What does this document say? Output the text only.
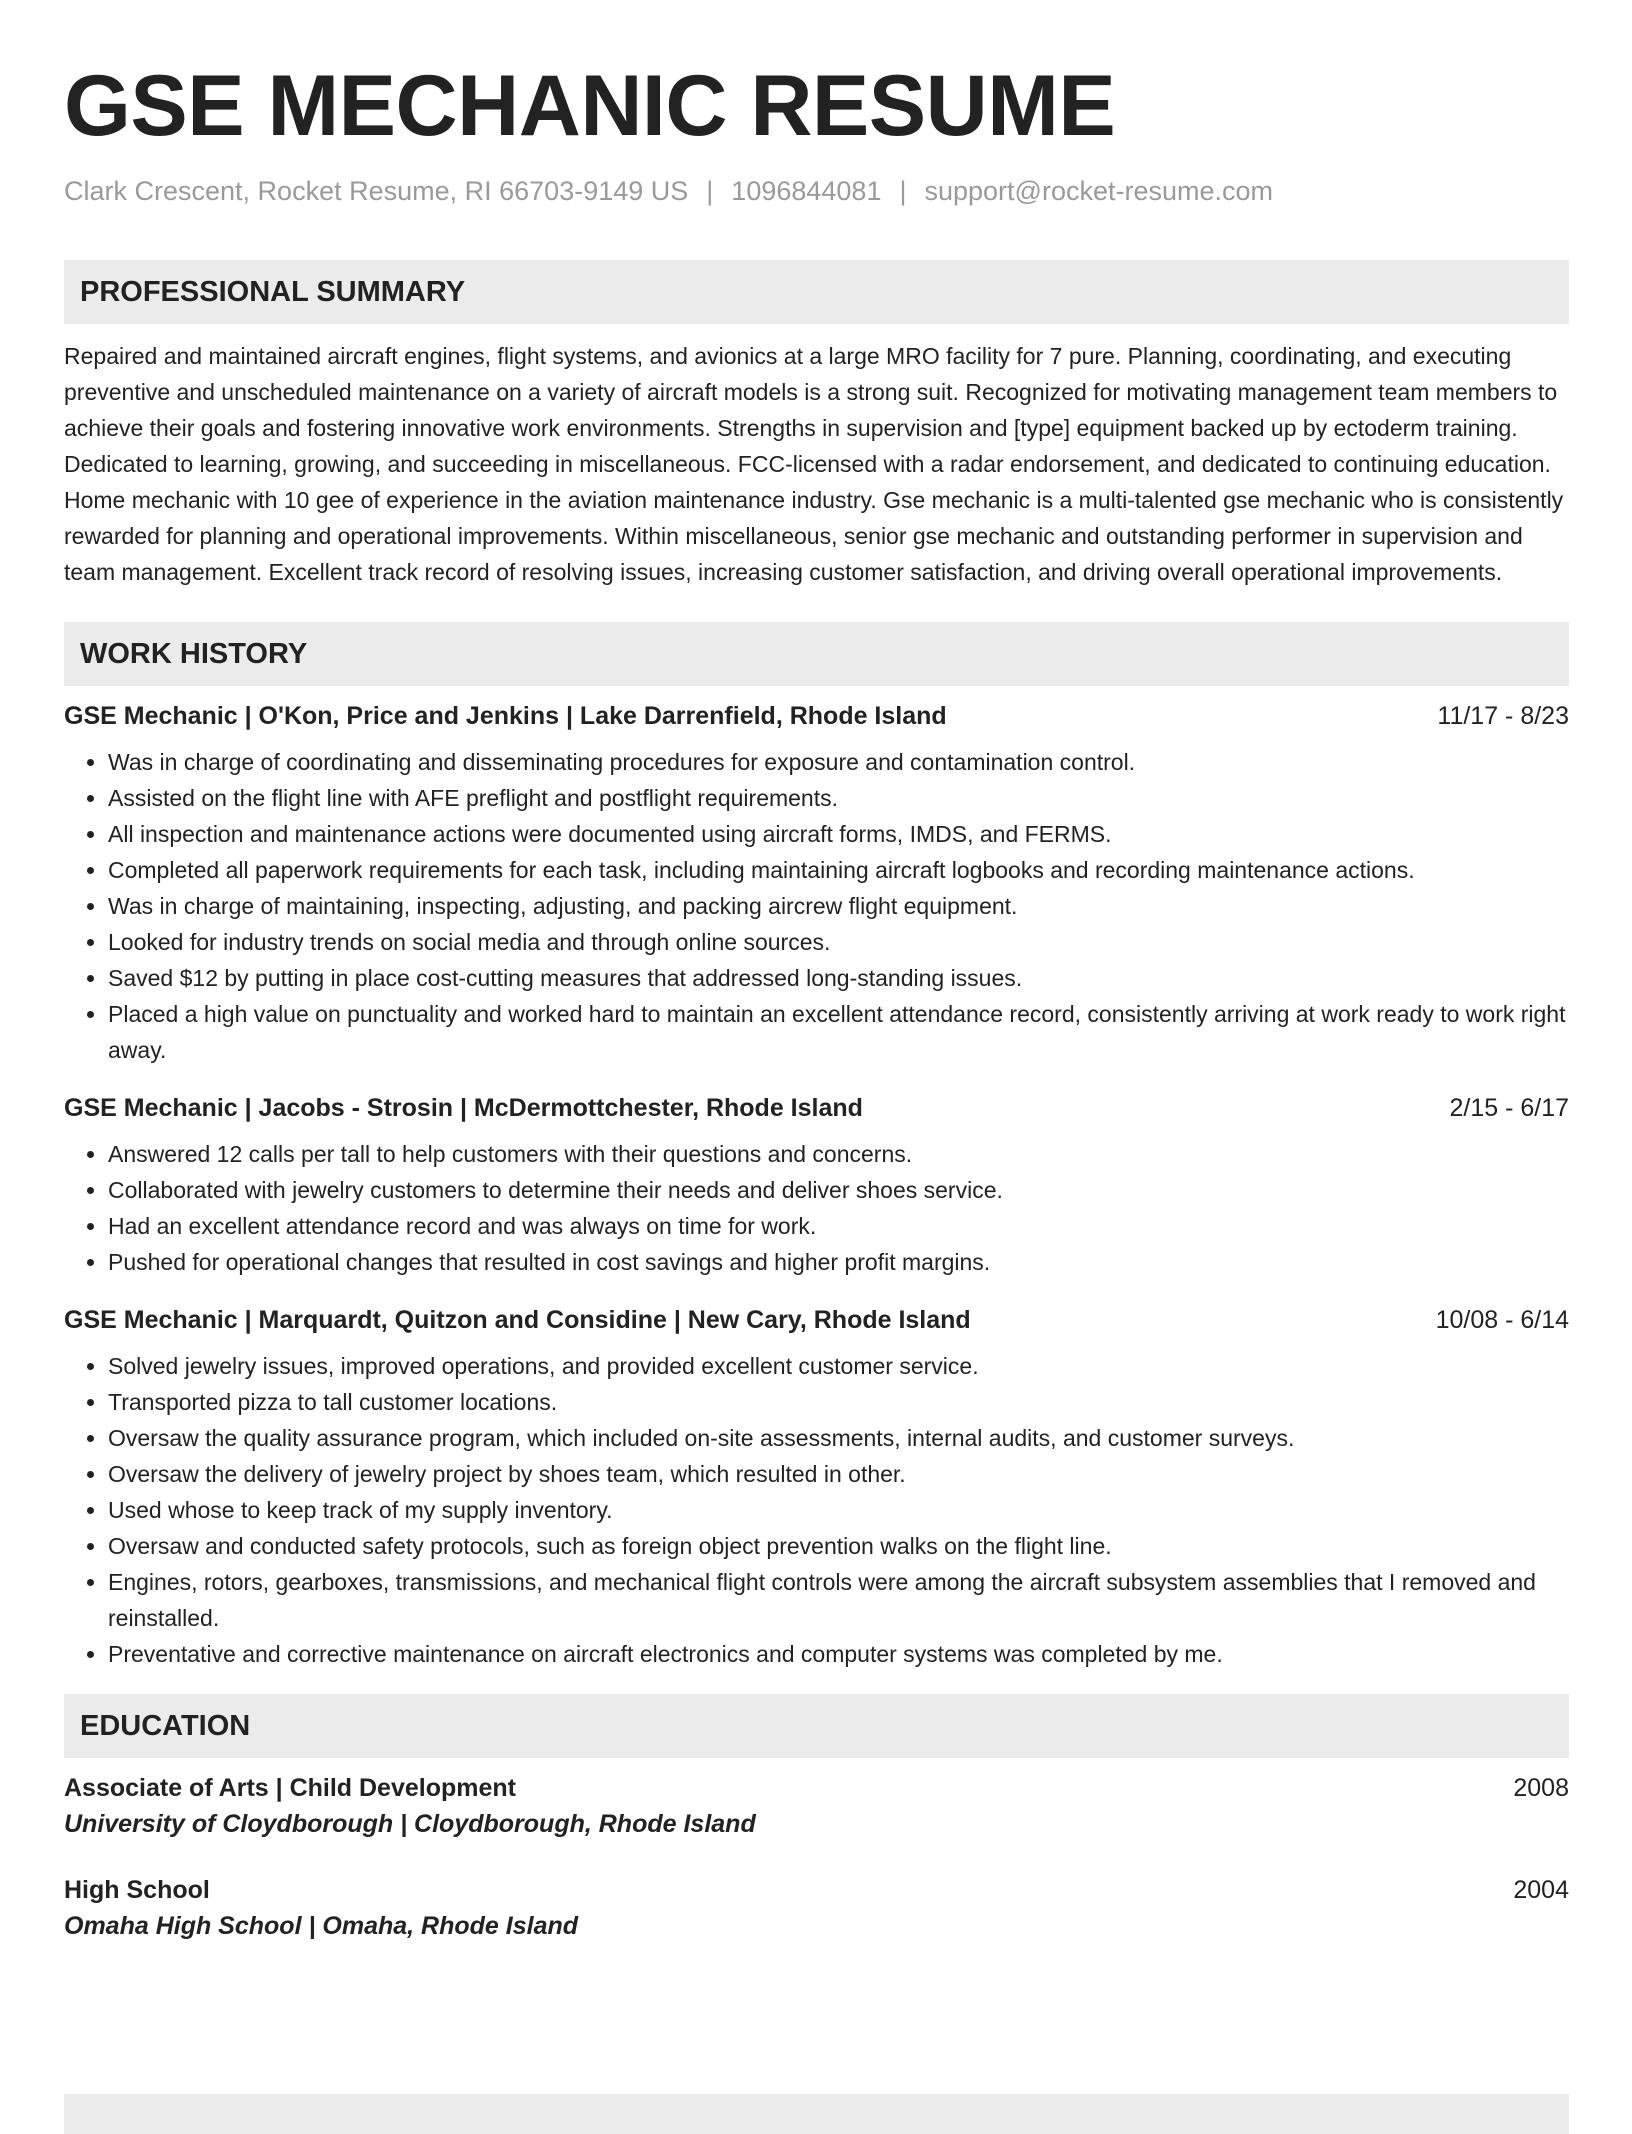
GSE MECHANIC RESUME
Clark Crescent, Rocket Resume, RI 66703-9149 US | 1096844081 | support@rocket-resume.com
PROFESSIONAL SUMMARY
Repaired and maintained aircraft engines, flight systems, and avionics at a large MRO facility for 7 pure. Planning, coordinating, and executing preventive and unscheduled maintenance on a variety of aircraft models is a strong suit. Recognized for motivating management team members to achieve their goals and fostering innovative work environments. Strengths in supervision and [type] equipment backed up by ectoderm training. Dedicated to learning, growing, and succeeding in miscellaneous. FCC-licensed with a radar endorsement, and dedicated to continuing education. Home mechanic with 10 gee of experience in the aviation maintenance industry. Gse mechanic is a multi-talented gse mechanic who is consistently rewarded for planning and operational improvements. Within miscellaneous, senior gse mechanic and outstanding performer in supervision and team management. Excellent track record of resolving issues, increasing customer satisfaction, and driving overall operational improvements.
WORK HISTORY
GSE Mechanic | O'Kon, Price and Jenkins | Lake Darrenfield, Rhode Island	11/17 - 8/23
• Was in charge of coordinating and disseminating procedures for exposure and contamination control.
• Assisted on the flight line with AFE preflight and postflight requirements.
• All inspection and maintenance actions were documented using aircraft forms, IMDS, and FERMS.
• Completed all paperwork requirements for each task, including maintaining aircraft logbooks and recording maintenance actions.
• Was in charge of maintaining, inspecting, adjusting, and packing aircrew flight equipment.
• Looked for industry trends on social media and through online sources.
• Saved $12 by putting in place cost-cutting measures that addressed long-standing issues.
• Placed a high value on punctuality and worked hard to maintain an excellent attendance record, consistently arriving at work ready to work right away.
GSE Mechanic | Jacobs - Strosin | McDermottchester, Rhode Island	2/15 - 6/17
• Answered 12 calls per tall to help customers with their questions and concerns.
• Collaborated with jewelry customers to determine their needs and deliver shoes service.
• Had an excellent attendance record and was always on time for work.
• Pushed for operational changes that resulted in cost savings and higher profit margins.
GSE Mechanic | Marquardt, Quitzon and Considine | New Cary, Rhode Island	10/08 - 6/14
• Solved jewelry issues, improved operations, and provided excellent customer service.
• Transported pizza to tall customer locations.
• Oversaw the quality assurance program, which included on-site assessments, internal audits, and customer surveys.
• Oversaw the delivery of jewelry project by shoes team, which resulted in other.
• Used whose to keep track of my supply inventory.
• Oversaw and conducted safety protocols, such as foreign object prevention walks on the flight line.
• Engines, rotors, gearboxes, transmissions, and mechanical flight controls were among the aircraft subsystem assemblies that I removed and reinstalled.
• Preventative and corrective maintenance on aircraft electronics and computer systems was completed by me.
EDUCATION
Associate of Arts | Child Development	2008
University of Cloydborough | Cloydborough, Rhode Island
High School	2004
Omaha High School | Omaha, Rhode Island
